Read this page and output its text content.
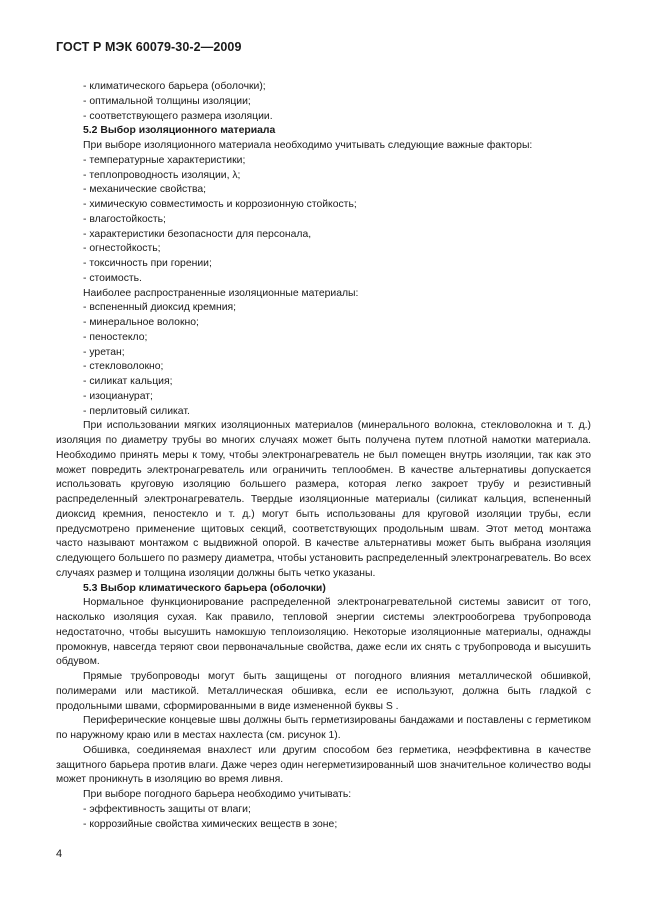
ГОСТ Р МЭК 60079-30-2—2009
- климатического барьера (оболочки);
- оптимальной толщины изоляции;
- соответствующего размера изоляции.
5.2 Выбор изоляционного материала
При выборе изоляционного материала необходимо учитывать следующие важные факторы:
- температурные характеристики;
- теплопроводность изоляции, λ;
- механические свойства;
- химическую совместимость и коррозионную стойкость;
- влагостойкость;
- характеристики безопасности для персонала,
- огнестойкость;
- токсичность при горении;
- стоимость.
Наиболее распространенные изоляционные материалы:
- вспененный диоксид кремния;
- минеральное волокно;
- пеностекло;
- уретан;
- стекловолокно;
- силикат кальция;
- изоцианурат;
- перлитовый силикат.

При использовании мягких изоляционных материалов (минерального волокна, стекловолокна и т. д.) изоляция по диаметру трубы во многих случаях может быть получена путем плотной намотки материала. Необходимо принять меры к тому, чтобы электронагреватель не был помещен внутрь изоляции, так как это может повредить электронагреватель или ограничить теплообмен. В качестве альтернативы допускается использовать круговую изоляцию большего размера, которая легко закроет трубу и резистивный распределенный электронагреватель. Твердые изоляционные материалы (силикат кальция, вспененный диоксид кремния, пеностекло и т. д.) могут быть использованы для круговой изоляции трубы, если предусмотрено применение щитовых секций, соответствующих продольным швам. Этот метод монтажа часто называют монтажом с выдвижной опорой. В качестве альтернативы может быть выбрана изоляция следующего большего по размеру диаметра, чтобы установить распределенный электронагреватель. Во всех случаях размер и толщина изоляции должны быть четко указаны.

5.3 Выбор климатического барьера (оболочки)

Нормальное функционирование распределенной электронагревательной системы зависит от того, насколько изоляция сухая. Как правило, тепловой энергии системы электрообогрева трубопровода недостаточно, чтобы высушить намокшую теплоизоляцию. Некоторые изоляционные материалы, однажды промокнув, навсегда теряют свои первоначальные свойства, даже если их снять с трубопровода и высушить обдувом.

Прямые трубопроводы могут быть защищены от погодного влияния металлической обшивкой, полимерами или мастикой. Металлическая обшивка, если ее используют, должна быть гладкой с продольными швами, сформированными в виде измененной буквы S .

Периферические концевые швы должны быть герметизированы бандажами и поставлены с герметиком по наружному краю или в местах нахлеста (см. рисунок 1).

Обшивка, соединяемая внахлест или другим способом без герметика, неэффективна в качестве защитного барьера против влаги. Даже через один негерметизированный шов значительное количество воды может проникнуть в изоляцию во время ливня.

При выборе погодного барьера необходимо учитывать:
- эффективность защиты от влаги;
- коррозийные свойства химических веществ в зоне;
4
